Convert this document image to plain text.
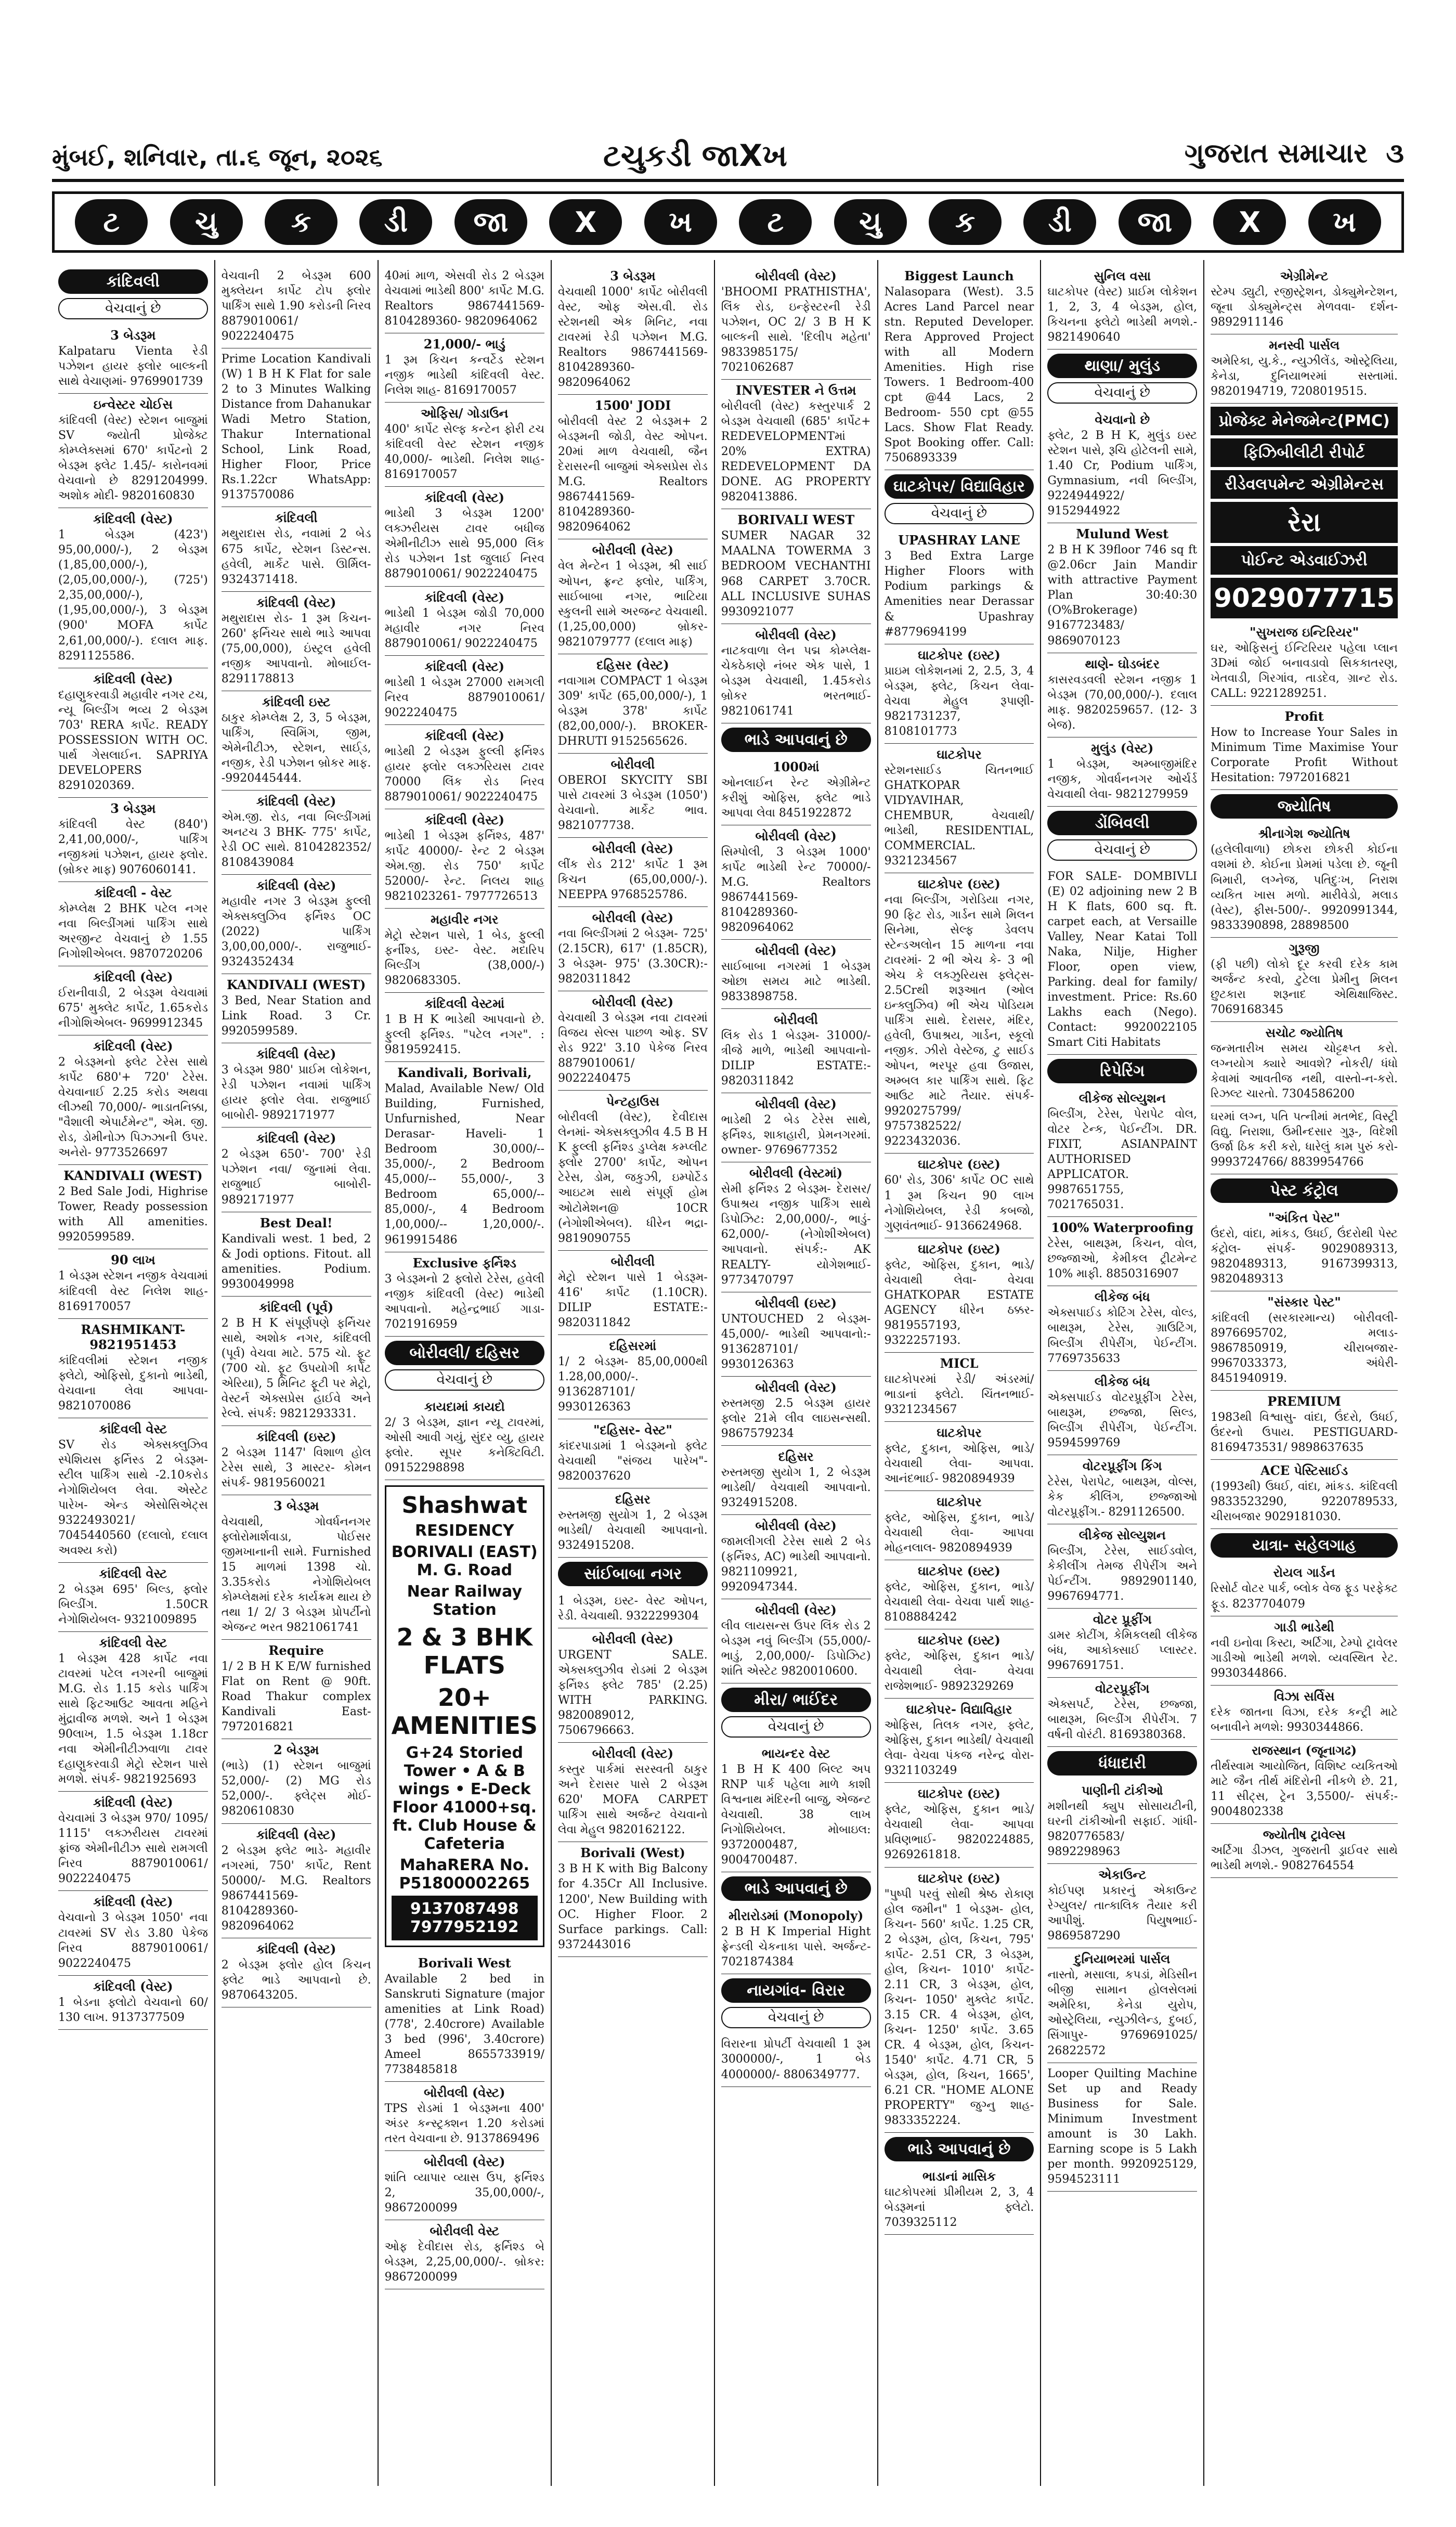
મુંબઈ, શનિવાર, તા.૬ જૂન, ૨૦૨૬	ટચુકડી જાXખ	ગુજરાત સમાચાર ૩
ટ	ચુ	ક	ડી	જા	X	ખ	ટ	ચુ	ક	ડી	જા	X	ખ
કાંદિવલી
વેચવાનું છે
3 બેડરૂમ
Kalpataru Vienta રેડી પઝેશન હાયર ફ્લોર બાલ્કની સાથે વેચાણમાં- 9769901739
ઇન્વેસ્ટર ચોઈસ
કાંદિવલી (વેસ્ટ) સ્ટેશન બાજુમાં SV જ્યોતી પ્રોજેક્ટ કોમ્પ્લેક્સમાં 670' કાર્પેટનો 2 બેડરૂમ ફ્લેટ 1.45/- કારોનવમાં વેચવાનો છે 8291204999. અશોક મોદી- 9820160830
કાંદિવલી (વેસ્ટ)
1 બેડરૂમ (423') 95,00,000/-), 2 બેડરૂમ (1,85,00,000/-), (2,05,00,000/-), (725') 2,35,00,000/-), (1,95,00,000/-), 3 બેડરૂમ (900' MOFA કાર્પેટ 2,61,00,000/-). દલાલ માફ. 8291125586.
કાંદિવલી (વેસ્ટ)
દહાણુકરવાડી મહાવીર નગર ટચ, ન્યૂ બિલ્ડીંગ ભવ્ય 2 બેડરૂમ 703' RERA કાર્પેટ. READY POSSESSION WITH OC. પાર્થ ગેસલાઈન. SAPRIYA DEVELOPERS 8291020369.
3 બેડરૂમ
કાંદિવલી વેસ્ટ (840') 2,41,00,000/-, પાર્કિંગ નજીકમાં પઝેશન, હાયર ફ્લોર. (બ્રોકર માફ) 9076060141.
કાંદિવલી - વેસ્ટ
કોમ્પ્લેક્ષ 2 BHK પટેલ નગર નવા બિલ્ડીંગમાં પાર્કિંગ સાથે અરજીન્ટ વેચવાનું છે 1.55 નિગોશીએબલ. 9870720206
કાંદિવલી (વેસ્ટ)
ઈરાનીવાડી, 2 બેડરૂમ વેચવામાં 675' મુક્લેટ કાર્પેટ, 1.65કરોડ નીગોશિએબલ- 9699912345
કાંદિવલી (વેસ્ટ)
2 બેડરૂમનો ફ્લેટ ટેરેસ સાથે કાર્પેટ 680'+ 720' ટેરેસ. વેચવાનાઈ 2.25 કરોડ અથવા લીઝથી 70,000/- ભાડાતનિક્કા, "વૈશાલી એપાર્ટમેન્ટ", એમ. જી. રોડ, ડોમીનોઝ પિઝ્ઝાની ઉપર. અનેરો- 9773526697
KANDIVALI (WEST)
2 Bed Sale Jodi, Highrise Tower, Ready possession with All amenities. 9920599589.
90 લાખ
1 બેડરૂમ સ્ટેશન નજીક વેચવામાં કાંદિવલી વેસ્ટ નિલેશ શાહ- 8169170057
RASHMIKANT- 9821951453
કાંદિવલીમાં સ્ટેશન નજીક ફ્લેટો, ઓફિસો, દુકાનો ભાડેથી, વેચવાના લેવા આપવા- 9821070086
કાંદિવલી વેસ્ટ
SV રોડ એક્સક્લુઝિવ સ્પેશિયસ ફર્નિસ્ડ 2 બેડરૂમ- સ્ટીલ પાર્કિંગ સાથે -2.10કરોડ નેગોશિયેબલ લેવા. એસ્ટેટ પારેખ- એન્ડ એસોસિએટ્સ 9322493021/ 7045440560 (દલાલો, દલાલ અવશ્ય કરો)
કાંદિવલી વેસ્ટ
2 બેડરૂમ 695' બિલ્ડ, ફ્લોર બિલ્ડીંગ. 1.50CR નેગોશિયેબલ- 9321009895
કાંદિવલી વેસ્ટ
1 બેડરૂમ 428 કાર્પેટ નવા ટાવરમાં પટેલ નગરની બાજુમાં M.G. રોડ 1.15 કરોડ પાર્કિંગ સાથે ફિટઆઉટ આવતા મહિને મુંદ્રાવીજ મળશે. અને 1 બેડરૂમ 90લાખ, 1.5 બેડરૂમ 1.18cr નવા એમીનીટીઝવાળા ટાવર દહાણુકરવાડી મેટ્રો સ્ટેશન પાસે મળશે. સંપર્ક- 9821925693
કાંદિવલી (વેસ્ટ)
વેચવામાં 3 બેડરૂમ 970/ 1095/ 1115' લક્ઝરીયસ ટાવરમાં ફ્રાંજ એમીનીટીઝ સાથે રામગલી નિરવ 8879010061/ 9022240475
કાંદિવલી (વેસ્ટ)
વેચવાનો 3 બેડરૂમ 1050' નવા ટાવરમાં SV રોડ 3.80 પેકેજ નિરવ 8879010061/ 9022240475
કાંદિવલી (વેસ્ટ)
1 બેડના ફ્લોટો વેચવાનો 60/ 130 લાખ. 9137377509
વેચવાની 2 બેડરૂમ 600 મુક્લેયન કાર્પેટ ટોપ ફ્લોર પાર્કિંગ સાથે 1.90 કરોડની નિરવ 8879010061/ 9022240475
Prime Location Kandivali (W) 1 B H K Flat for sale 2 to 3 Minutes Walking Distance from Dahanukar Wadi Metro Station, Thakur International School, Link Road, Higher Floor, Price Rs.1.22cr WhatsApp: 9137570086
કાંદિવલી
મથુરાદાસ રોડ, નવામાં 2 બેડ 675 કાર્પેટ, સ્ટેશન ડિસ્ટન્સ. હવેલી, માર્કેટ પાસે. ઊર્મિલ- 9324371418.
કાંદિવલી (વેસ્ટ)
મથુરાદાસ રોડ- 1 રૂમ કિચન- 260' ફર્નિચર સાથે ભાડે આપવા (75,00,000), ઇંસ્ટ્રલ હવેલી નજીક આપવાનો. મોબાઈલ- 8291178813
કાંદિવલી ઇસ્ટ
ઠાકુર કોમ્પ્લેક્ષ 2, 3, 5 બેડરૂમ, પાર્કિંગ, સ્વિમિંગ, જીમ, એમેનીટીઝ, સ્ટેશન, સાઈ્ડ, નજીક, રેડી પઝેશન બ્રોકર માફ. -9920445444.
કાંદિવલી (વેસ્ટ)
એમ.જી. રોડ, નવા બિલ્ડીંગમાં અનટચ 3 BHK- 775' કાર્પેટ, રેડી OC સાથે. 8104282352/ 8108439084
કાંદિવલી (વેસ્ટ)
મહાવીર નગર 3 બેડરૂમ ફુલ્લી એક્સક્લુઝિવ ફર્નિશ્ડ OC (2022) પાર્કિંગ 3,00,00,000/-. રાજુભાઈ- 9324352434
KANDIVALI (WEST)
3 Bed, Near Station and Link Road. 3 Cr. 9920599589.
કાંદિવલી (વેસ્ટ)
3 બેડરૂમ 980' પ્રાઈમ લોકેશન, રેડી પઝેશન નવામાં પાર્કિંગ હાયર ફ્લોર લેવા. રાજુભાઈ બાબોરી- 9892171977
કાંદિવલી (વેસ્ટ)
2 બેડરૂમ 650'- 700' રેડી પઝેશન નવા/ જુનામાં લેવા. રાજુભાઈ બાબોરી- 9892171977
Best Deal!
Kandivali west. 1 bed, 2 & Jodi options. Fitout. all amenities. Podium. 9930049998
કાંદિવલી (પૂર્વ)
2 B H K સંપૂર્ણપણે ફર્નિચર સાથે, અશોક નગર, કાંદિવલી (પૂર્વ) વેચવા માટે. 575 ચો. ફૂટ (700 ચો. ફૂટ ઉપયોગી કાર્પેટ એરિયા), 5 મિનિટ ફૂટી પર મેટ્રો, વેસ્ટર્ન એક્સપ્રેસ હાઈવે અને રેલ્વે. સંપર્ક: 9821293331.
કાંદિવલી (ઇસ્ટ)
2 બેડરૂમ 1147' વિશાળ હોલ ટેરેસ સાથે, 3 માસ્ટર- કોમન સંપર્ક- 9819560021
3 બેડરૂમ
વેચવાથી, ગોવર્ધનનગર ફ્લોરોમાર્શવાડા, પોઈસર જીમખાનાની સામે. Furnished 15 માળમાં 1398 ચો. 3.35કરોડ નેગોશિયેબલ કોમ્પ્લેક્ષમાં દરેક કાર્યક્રમ થાય છે તથા 1/ 2/ 3 બેડરૂમ પ્રોપર્ટીનો એજન્ટ ભરત 9821061741
Require
1/ 2 B H K E/W furnished Flat on Rent @ 90ft. Road Thakur complex Kandivali East- 7972016821
2 બેડરૂમ
(ભાડે) (1) સ્ટેશન બાજુમાં 52,000/- (2) MG રોડ 52,000/-. ફ્લેટ્સ મોઈ- 9820610830
કાંદિવલી (વેસ્ટ)
2 બેડરૂમ ફ્લેટ ભાડે- મહાવીર નગરમાં, 750' કાર્પેટ, Rent 50000/- M.G. Realtors 9867441569- 8104289360- 9820964062
કાંદિવલી (વેસ્ટ)
2 બેડરૂમ ફ્લોર હોલ કિચન ફ્લેટ ભાડે આપવાનો છે. 9870643205.
40માં માળ, એસવી રોડ 2 બેડરૂમ વેચવામાં ભાડેથી 800' કાર્પેટ M.G. Realtors 9867441569- 8104289360- 9820964062
21,000/- ભાડું
1 રૂમ કિચન કન્વર્ટેડ સ્ટેશન નજીક ભાડેથી કાંદિવલી વેસ્ટ. નિલેશ શાહ- 8169170057
ઓફિસ/ ગોડાઉન
400' કાર્પેટ સેલ્ફ કન્ટેન ફોરી ટચ કાંદિવલી વેસ્ટ સ્ટેશન નજીક 40,000/- ભાડેથી. નિલેશ શાહ- 8169170057
કાંદિવલી (વેસ્ટ)
ભાડેથી 3 બેડરૂમ 1200' લક્ઝરીયસ ટાવર બધીજ એમીનીટીઝ સાથે 95,000 લિંક રોડ પઝેશન 1st જુલાઈ નિરવ 8879010061/ 9022240475
કાંદિવલી (વેસ્ટ)
ભાડેથી 1 બેડરૂમ જોડી 70,000 મહાવીર નગર નિરવ 8879010061/ 9022240475
કાંદિવલી (વેસ્ટ)
ભાડેથી 1 બેડરૂમ 27000 રામગલી નિરવ 8879010061/ 9022240475
કાંદિવલી (વેસ્ટ)
ભાડેથી 2 બેડરૂમ ફુલ્લી ફર્નિશ્ડ હાયર ફ્લોર લક્ઝરિયસ ટાવર 70000 લિંક રોડ નિરવ 8879010061/ 9022240475
કાંદિવલી (વેસ્ટ)
ભાડેથી 1 બેડરૂમ ફર્નિશ્ડ, 487' કાર્પેટ 40000/- રેન્ટ 2 બેડરૂમ એમ.જી. રોડ 750' કાર્પેટ 52000/- રેન્ટ. નિલય શાહ 9821023261- 7977726513
મહાવીર નગર
મેટ્રો સ્ટેશન પાસે, 1 બેડ, ફુલ્લી ફર્નીશ્ડ, ઇસ્ટ- વેસ્ટ. મદારિપ બિલ્ડીંગ (38,000/-) 9820683305.
કાંદિવલી વેસ્ટમાં
1 B H K ભાડેથી આપવાનો છે. ફુલ્લી ફર્નિશ્ડ. "પટેલ નગર". : 9819592415.
Kandivali, Borivali,
Malad, Available New/ Old Building, Furnished, Unfurnished, Near Derasar- Haveli- 1 Bedroom 30,000/-- 35,000/-, 2 Bedroom 45,000/-- 55,000/-, 3 Bedroom 65,000/-- 85,000/-, 4 Bedroom 1,00,000/-- 1,20,000/-. 9619915486
Exclusive ફર્નિશ્ડ
3 બેડરૂમનો 2 ફ્લોરો ટેરેસ, હવેલી નજીક કાંદિવલી (વેસ્ટ) ભાડેથી આપવાનો. મહેન્દ્રભાઈ ગાડા- 7021916959
બોરીવલી/ દહિસર
વેચવાનું છે
કાયદામાં કાયદો
2/ 3 બેડરૂમ, જ્ઞાન ન્યૂ ટાવરમાં, ઓસી આવી ગયું, સુંદર વ્યુ, હાયર ફ્લોર. સૂપર કનેક્ટિવિટી. 09152298898
Shashwat
RESIDENCY
BORIVALI (EAST) M. G. Road
Near Railway Station
2 & 3 BHK FLATS
20+ AMENITIES
G+24 Storied Tower • A & B wings • E-Deck Floor 41000+sq. ft. Club House & Cafeteria
MahaRERA No. P51800002265
9137087498 7977952192
Borivali West
Available 2 bed in Sanskruti Signature (major amenities at Link Road) (778', 2.40crore) Available 3 bed (996', 3.40crore) Ameel 8655733919/ 7738485818
બોરીવલી (વેસ્ટ)
TPS રોડમાં 1 બેડરૂમના 400' અંડર કન્સ્ટ્રક્શન 1.20 કરોડમાં તરત વેચવાના છે. 9137869496
બોરીવલી (વેસ્ટ)
શાંતિ વ્યાપાર વ્યાસ ઉપ, ફર્નિશ્ડ 2, 35,00,000/-, 9867200099
બોરીવલી વેસ્ટ
ઓફ દેવીદાસ રોડ, ફર્નિશ્ડ બે બેડરૂમ, 2,25,00,000/-. બ્રોકર: 9867200099
3 બેડરૂમ
વેચવાથી 1000' કાર્પેટ બોરીવલી વેસ્ટ, ઓફ એસ.વી. રોડ સ્ટેશનથી એક મિનિટ, નવા ટાવરમાં રેડી પઝેશન M.G. Realtors 9867441569- 8104289360- 9820964062
1500' JODI
બોરીવલી વેસ્ટ 2 બેડરૂમ+ 2 બેડરૂમની જોડી, વેસ્ટ ઓપન. 20માં માળ વેચવાથી, જૈન દેરાસરની બાજુમાં એક્સપ્રેસ રોડ M.G. Realtors 9867441569- 8104289360- 9820964062
બોરીવલી (વેસ્ટ)
વેલ મેન્ટેન 1 બેડરૂમ, શ્રી સાઈ ઓપન, ફ્રન્ટ ફ્લોર, પાર્કિંગ, સાઈબાબા નગર, ભાટિયા સ્કુલની સામે અરજન્ટ વેચવાથી. (1,25,00,000) બ્રોકર- 9821079777 (દલાલ માફ)
દહિસર (વેસ્ટ)
નવાગામ COMPACT 1 બેડરૂમ 309' કાર્પેટ (65,00,000/-), 1 બેડરૂમ 378' કાર્પેટ (82,00,000/-). BROKER- DHRUTI 9152565626.
બોરીવલી
OBEROI SKYCITY SBI પાસે ટાવરમાં 3 બેડરૂમ (1050') વેચવાનો. માર્કેટ ભાવ. 9821077738.
બોરીવલી (વેસ્ટ)
લીંક રોડ 212' કાર્પેટ 1 રૂમ કિચન (65,00,000/-). NEEPPA 9768525786.
બોરીવલી (વેસ્ટ)
નવા બિલ્ડીંગમાં 2 બેડરૂમ- 725' (2.15CR), 617' (1.85CR), 3 બેડરૂમ- 975' (3.30CR):- 9820311842
બોરીવલી (વેસ્ટ)
વેચવાથી 3 બેડરૂમ નવા ટાવરમાં વિજય સેલ્સ પાછળ ઓફ. SV રોડ 922' 3.10 પેકેજ નિરવ 8879010061/ 9022240475
પેન્ટહાઉસ
બોરીવલી (વેસ્ટ), દેવીદાસ લેનમાં- એક્સક્લુઝીવ 4.5 B H K ફુલ્લી ફર્નિશ્ડ ડુપ્લેક્ષ કમ્પ્લીટ ફ્લોર 2700' કાર્પેટ, ઓપન ટેરેસ, ડોમ, જકુઝી, ઇમ્પોર્ટેડ આઇટમ સાથે સંપૂર્ણ હોમ ઓટોમેશન@ 10CR (નેગોશીએબલ). ધીરેન ભદ્રા- 9819090755
બોરીવલી
મેટ્રો સ્ટેશન પાસે 1 બેડરૂમ- 416' કાર્પેટ (1.10CR). DILIP ESTATE:- 9820311842
દહિસરમાં
1/ 2 બેડરૂમ- 85,00,000થી 1.28,00,000/-. 9136287101/ 9930126363
"દહિસર- વેસ્ટ"
કાંદરપાડામાં 1 બેડરૂમનો ફ્લેટ વેચવાથી "સંજય પારેખ"- 9820037620
દહિસર
રુસ્તમજી સુયોગ 1, 2 બેડરૂમ ભાડેથી/ વેચવાથી આપવાનો. 9324915208.
સાંઈબાબા નગર
1 બેડરૂમ, ઇસ્ટ- વેસ્ટ ઓપન, રેડી. વેચવાથી. 9322299304
બોરીવલી (વેસ્ટ)
URGENT SALE. એક્સક્લુઝીવ રોડમાં 2 બેડરૂમ ફર્નિશ્ડ ફ્લેટ 785' (2.25) WITH PARKING. 9820089012, 7506796663.
બોરીવલી (વેસ્ટ)
કસ્તુર પાર્કમાં સરસ્વતી ઠાકુર અને દેરાસર પાસે 2 બેડરૂમ 620' MOFA CARPET પાર્કિંગ સાથે અર્જન્ટ વેચવાનો લેવા મેહુલ 9820162122.
Borivali (West)
3 B H K with Big Balcony for 4.35Cr All Inclusive. 1200', New Building with OC. Higher Floor. 2 Surface parkings. Call: 9372443016
બોરીવલી (વેસ્ટ)
'BHOOMI PRATHISTHA', લિંક રોડ, ઇન્ફેસ્ટરની રેડી પઝેશન, OC 2/ 3 B H K બાલ્કની સાથે. 'દિલીપ મહેતા' 9833985175/ 7021062687
INVESTER ને ઉત્તમ
બોરીવલી (વેસ્ટ) કસ્તુરપાર્ક 2 બેડરૂમ વેચવાથી (685' કાર્પેટ+ REDEVELOPMENTમાં 20% EXTRA) REDEVELOPMENT DA DONE. AG PROPERTY 9820413886.
BORIVALI WEST
SUMER NAGAR 32 MAALNA TOWERMA 3 BEDROOM VECHANTHI 968 CARPET 3.70CR. ALL INCLUSIVE SUHAS 9930921077
બોરીવલી (વેસ્ટ)
નાટકવાળા લેન પદ્મ કોમ્પ્લેક્ષ- ચેકઠેકાણે નંબર એક પાસે, 1 બેડરૂમ વેચવાથી, 1.45કરોડ બ્રોકર ભરતભાઈ- 9821061741
ભાડે આપવાનું છે
1000માં
ઓનલાઈન રેન્ટ એગ્રીમેન્ટ કરીશું ઓફિસ, ફ્લેટ ભાડે આપવા લેવા 8451922872
બોરીવલી (વેસ્ટ)
સિમ્પોલી, 3 બેડરૂમ 1000' કાર્પેટ ભાડેથી રેન્ટ 70000/- M.G. Realtors 9867441569- 8104289360- 9820964062
બોરીવલી (વેસ્ટ)
સાઈબાબા નગરમાં 1 બેડરૂમ ઓછા સમય માટે ભાડેથી. 9833898758.
બોરીવલી
લિંક રોડ 1 બેડરૂમ- 31000/- ત્રીજે માળે, ભાડેથી આપવાનો- DILIP ESTATE:- 9820311842
બોરીવલી (વેસ્ટ)
ભાડેથી 2 બેડ ટેરેસ સાથે, ફર્નિશ્ડ, શાકાહારી, પ્રેમનગરમાં. owner- 9769677352
બોરીવલી (વેસ્ટમાં)
સેમી ફર્નિશ્ડ 2 બેડરૂમ- દેરાસર/ ઉપાશ્રય નજીક પાર્કિંગ સાથે ડિપોઝિટ: 2,00,000/-, ભાડું- 62,000/- (નેગોશીએબલ) આપવાનો. સંપર્ક:- AK REALTY- યોગેશભાઈ- 9773470797
બોરીવલી (ઇસ્ટ)
UNTOUCHED 2 બેડરૂમ- 45,000/- ભાડેથી આપવાનો:- 9136287101/ 9930126363
બોરીવલી (વેસ્ટ)
રુસ્તમજી 2.5 બેડરૂમ હાયર ફ્લોર 21મે લીવ લાઇસન્સથી. 9867579234
દહિસર
રુસ્તમજી સુયોગ 1, 2 બેડરૂમ ભાડેથી/ વેચવાથી આપવાનો. 9324915208.
બોરીવલી (વેસ્ટ)
જામલીગલી ટેરેસ સાથે 2 બેડ (ફર્નિશ્ડ, AC) ભાડેથી આપવાનો. 9821109921, 9920947344.
બોરીવલી (વેસ્ટ)
લીવ લાયસન્સ ઉપર લિંક રોડ 2 બેડરૂમ નવું બિલ્ડીંગ (55,000/- ભાડું, 2,00,000/- ડિપોઝિટ) શાંતિ એસ્ટેટ 9820010600.
મીરા/ ભાઈંદર
વેચવાનું છે
ભાયન્દર વેસ્ટ
1 B H K 400 બિલ્ટ અપ RNP પાર્ક પહેલા માળે કાશી વિશ્વનાથ મંદિરની બાજુ, એજન્ટ વેચવાથી. 38 લાખ નિગોશિયેબલ. મોબાઇલ: 9372000487, 9004700487.
ભાડે આપવાનું છે
મીરારોડમાં (Monopoly)
2 B H K Imperial Hight ફ્રેન્ડલી ચેકનાકા પાસે. અર્જન્ટ- 7021874384
નાયગાંવ- વિરાર
વેચવાનું છે
વિરારના પ્રોપર્ટી વેચવાથી 1 રૂમ 3000000/-, 1 બેડ 4000000/- 8806349777.
Biggest Launch
Nalasopara (West). 3.5 Acres Land Parcel near stn. Reputed Developer. Rera Approved Project with all Modern Amenities. High rise Towers. 1 Bedroom-400 cpt @44 Lacs, 2 Bedroom- 550 cpt @55 Lacs. Show Flat Ready. Spot Booking offer. Call: 7506893339
ઘાટકોપર/ વિદ્યાવિહાર
વેચવાનું છે
UPASHRAY LANE
3 Bed Extra Large Higher Floors with Podium parkings & Amenities near Derassar & Upashray #8779694199
ઘાટકોપર (ઇસ્ટ)
પ્રાઇમ લોકેશનમાં 2, 2.5, 3, 4 બેડરૂમ, ફ્લેટ, કિચન લેવા- વેચવા મેહુલ રૂપાણી- 9821731237, 8108101773
ઘાટકોપર
સ્ટેશનસાઈડ ચિતનભાઈ GHATKOPAR VIDYAVIHAR, CHEMBUR, વેચવાથી/ ભાડેથી, RESIDENTIAL, COMMERCIAL. 9321234567
ઘાટકોપર (ઇસ્ટ)
નવા બિલ્ડીંગ, ગરોડિયા નગર, 90 ફિટ રોડ, ગાર્ડન સામે મિલન સિનેમા, સેલ્ફ ડેવલપ સ્ટેન્ડઅલોન 15 માળના નવા ટાવરમાં- 2 ભી એચ કે- 3 ભી એચ કે લક્ઝુરિયસ ફ્લેટ્સ- 2.5Crથી શરૂઆત (ઓલ ઇન્ક્લુઝિવ) ભી એચ પોડિયમ પાર્કિંગ સાથે. દેરાસર, મંદિર, હવેલી, ઉપાશ્રય, ગાર્ડન, સ્કૂલો નજીક. ઝીરો વેસ્ટેજ, ટુ સાઈડ ઓપન, ભરપૂર હવા ઉજાસ, અમ્બલ કાર પાર્કિંગ સાથે. ફિટ આઉટ માટે તૈયાર. સંપર્ક- 9920275799/ 9757382522/ 9223432036.
ઘાટકોપર (ઇસ્ટ)
60' રોડ, 306' કાર્પેટ OC સાથે 1 રૂમ કિચન 90 લાખ નેગોશિયેબલ, રેડી કબજો, ગુણવંતભાઈ- 9136624968.
ઘાટકોપર (ઇસ્ટ)
ફ્લેટ, ઓફિસ, દુકાન, ભાડે/ વેચવાથી લેવા- વેચવા GHATKOPAR ESTATE AGENCY ધીરેન ઠક્કર- 9819557193, 9322257193.
MICL
ઘાટકોપરમાં રેડી/ અંડરમાં/ ભાડાનાં ફ્લેટો. ચિંતનભાઈ- 9321234567
ઘાટકોપર
ફ્લેટ, દુકાન, ઓફિસ, ભાડે/ વેચવાથી લેવા- આપવા. આનંદભાઈ- 9820894939
ઘાટકોપર
ફ્લેટ, ઓફિસ, દુકાન, ભાડે/ વેચવાથી લેવા- આપવા મોહનલાલ- 9820894939
ઘાટકોપર (ઇસ્ટ)
ફ્લેટ, ઓફિસ, દુકાન, ભાડે/ વેચવાથી લેવા- વેચવા પાર્થ શાહ- 8108884242
ઘાટકોપર (ઇસ્ટ)
ફ્લેટ, ઓફિસ, દુકાન ભાડે/ વેચવાથી લેવા- વેચવા રાજેશભાઈ- 9892329269
ઘાટકોપર- વિદ્યાવિહાર
ઓફિસ, તિલક નગર, ફ્લેટ, ઓફિસ, દુકાન ભાડેથી/ વેચવાથી લેવા- વેચવા પંકજ નરેન્દ્ર વોરા- 9321103249
ઘાટકોપર (ઇસ્ટ)
ફ્લેટ, ઓફિસ, દુકાન ભાડે/ વેચવાથી લેવા- આપવા પ્રવિણભાઈ- 9820224885, 9269261818.
ઘાટકોપર (ઇસ્ટ)
"પુષ્પી પરવું સોથી શ્રેષ્ઠ રોકાણ હોલ જમીન" 1 બેડરૂમ- હોલ, કિચન- 560' કાર્પેટ. 1.25 CR, 2 બેડરૂમ, હોલ, કિચન, 795' કાર્પેટ- 2.51 CR, 3 બેડરૂમ, હોલ, કિચન- 1010' કાર્પેટ- 2.11 CR, 3 બેડરૂમ, હોલ, કિચન- 1050' મુક્લેટ કાર્પેટ. 3.15 CR. 4 બેડરૂમ, હોલ, કિચન- 1250' કાર્પેટ. 3.65 CR. 4 બેડરૂમ, હોલ, કિચન- 1540' કાર્પેટ. 4.71 CR, 5 બેડરૂમ, હોલ, કિચન, 1665', 6.21 CR. "HOME ALONE PROPERTY" જુગ્નુ શાહ- 9833352224.
ભાડે આપવાનું છે
ભાડાનાં માસિક
ઘાટકોપરમાં પ્રીમીયમ 2, 3, 4 બેડરૂમનાં ફ્લેટો. 7039325112
સુનિલ વસા
ઘાટકોપર (વેસ્ટ) પ્રાઈમ લોકેશન 1, 2, 3, 4 બેડરૂમ, હોલ, કિચનના ફ્લેટો ભાડેથી મળશે.- 9821490640
થાણા/ મુલુંડ
વેચવાનું છે
વેચવાનો છે
ફ્લેટ, 2 B H K, મુલુંડ ઇસ્ટ સ્ટેશન પાસે, રૂચિ હોટેલની સામે, 1.40 Cr, Podium પાર્કિંગ, Gymnasium, નવી બિલ્ડીંગ, 9224944922/ 9152944922
Mulund West
2 B H K 39floor 746 sq ft @2.06cr Jain Mandir with attractive Payment Plan 30:40:30 (O%Brokerage) 9167723483/ 9869070123
થાણે- ઘોડબંદર
કાસરવડવલી સ્ટેશન નજીક 1 બેડરૂમ (70,00,000/-). દલાલ માફ. 9820259657. (12- 3 બેજ).
મુલુંડ (વેસ્ટ)
1 બેડરૂમ, અમ્બાજીમંદિર નજીક, ગોવર્ધનનગર ઓર્ચર્ડ વેચવાથી લેવા- 9821279959
ડોંબિવલી
વેચવાનું છે
FOR SALE- DOMBIVLI (E) 02 adjoining new 2 B H K flats, 600 sq. ft. carpet each, at Versaille Valley, Near Katai Toll Naka, Nilje, Higher Floor, open view, Parking. deal for family/ investment. Price: Rs.60 Lakhs each (Nego). Contact: 9920022105 Smart Citi Habitats
રિપેરિંગ
લીકેજ સોલ્યુશન
બિલ્ડીંગ, ટેરેસ, પેરાપેટ વોલ, વોટર ટેન્ક, પેઈન્ટીંગ. DR. FIXIT, ASIANPAINT AUTHORISED APPLICATOR. 9987651755, 7021765031.
100% Waterproofing
ટેરેસ, બાથરૂમ, કિચન, વોલ, છજ્જાઓ, કેમીકલ ટ્રીટમેન્ટ 10% માફી. 8850316907
લીકેજ બંધ
એક્સપાઈડ કોટિંગ ટેરેસ, વોલ્ડ, બાથરૂમ, ટેરેસ, ગ્રાઉટિંગ, બિલ્ડીંગ રીપેરીંગ, પેઈન્ટીંગ. 7769735633
લીકેજ બંધ
એક્સપાઈડ વોટરપ્રૂફીંગ ટેરેસ, બાથરૂમ, છજ્જા, સિલ્ડ, બિલ્ડીંગ રીપેરીંગ, પેઈન્ટીંગ. 9594599769
વોટરપ્રૂફીંગ કિંગ
ટેરેસ, પેરાપેટ, બાથરૂમ, વોલ્સ, કેક કીલિંગ, છજ્જાઓ વોટરપ્રૂફીંગ.- 8291126500.
લીકેજ સોલ્યુશન
બિલ્ડીંગ, ટેરેસ, સાઈડવોલ, કેકીલીંગ તેમજ રીપેરીંગ અને પેઈન્ટીંગ. 9892901140, 9967694771.
વોટર પ્રૂફીંગ
ડામર કોટીંગ, કેમિકલથી લીકેજ બંધ, આકોક્સાઈ પ્લાસ્ટર. 9967691751.
વોટરપ્રૂફીંગ
એક્સપર્ટ, ટેરેસ, છજ્જા, બાથરૂમ, બિલ્ડીંગ રીપેરીંગ. 7 વર્ષની વોરંટી. 8169380368.
ધંધાદારી
પાણીની ટાંકીઓ
મશીનથી ક્યુપ સોસાયટીની, ઘરની ટાંકીઓની સફાઈ. ગાંધી- 9820776583/ 9892298963
એકાઉન્ટ
કોઈપણ પ્રકારનું એકાઉન્ટ રેગ્યુલર/ તાત્કાલિક તૈયાર કરી આપીશું. પિયુષભાઈ- 9869587290
દુનિયાભરમાં પાર્સલ
નાસ્તો, મસાલા, કપડાં, મેડિસીન બીજી સામાન હોલસેલમાં અમેરિકા, કેનેડા યુરોપ, ઓસ્ટ્રેલિયા, ન્યુઝીલેન્ડ, દુબઈ, સિંગાપુર- 9769691025/ 26822572
Looper Quilting Machine Set up and Ready Business for Sale. Minimum Investment amount is 30 Lakh. Earning scope is 5 Lakh per month. 9920925129, 9594523111
એગ્રીમેન્ટ
સ્ટેમ્પ ડ્યુટી, રજીસ્ટ્રેશન, ડોક્યુમેન્ટેશન, જૂના ડોક્યુમેન્ટ્સ મેળવવા- દર્શન- 9892911146
મનસ્વી પાર્સલ
અમેરિકા, યુ.કે., ન્યુઝીલેંડ, ઓસ્ટ્રેલિયા, કેનેડા, દુનિયાભરમાં સસ્તામાં. 9820194719, 7208019515.
પ્રોજેક્ટ મેનેજમેન્ટ(PMC)
ફિઝિબીલીટી રીપોર્ટ
રીડેવલપમેન્ટ એગ્રીમેન્ટસ
રેરા
પોઈન્ટ એડવાઈઝરી
9029077715
"સુખરાજ ઇન્ટિરિયર"
ઘર, ઓફિસનું ઈન્ટિરિયર પહેલા પ્લાન 3Dમાં જોઈ બનાવડાવો સિકકાતરણ, ખેતવાડી, ગિરગાંવ, તાડદેવ, ગ્રાન્ટ રોડ. CALL: 9221289251.
Profit
How to Increase Your Sales in Minimum Time Maximise Your Corporate Profit Without Hesitation: 7972016821
જ્યોતિષ
શ્રીનાગેશ જ્યોતિષ
(હલેલીવાળા) છોકરા છોકરી કોઈના વશમાં છે. કોઈના પ્રેમમાં પડેલા છે. જૂની બિમારી, લગ્નેજ, પતિદુઃખ, નિરાશ વ્યકિત ખાસ મળો. મારીવેડો, મલાડ (વેસ્ટ), ફીસ-500/-. 9920991344, 9833390898, 28898500
ગુરૂજી
(ફી પછી) લોકો દૂર કરવી દરેક કામ અર્જન્ટ કરવો, ટુટેલા પ્રેમીનુ મિલન છુટકારા શરૂનાદ એથિક્ષાજિસ્ટ. 7069168345
સચોટ જ્યોતિષ
જન્મતારીખ સમય ચોટ્ટક્ષ્પ્ત કરો. લગ્નયોગ ક્યારે આવશે? નોકરી/ ધંધો કેવામાં આવતીજ નથી, વાસ્તો-ન-કરો. રિઝલ્ટ ચારતો. 7304586200
ઘરમાં લગ્ન, પતિ પત્નીમાં મતભેદ, વિસ્ટ્રી વિદ્યુ. નિરાશા, ઉમીન્દસાર ગુરૂ-, વિદેશી ઉર્જા ઠિક કરી કરો, ધારેલું કામ પુરું કરો- 9993724766/ 8839954766
પેસ્ટ કંટ્રોલ
"અંકિત પેસ્ટ"
ઉંદરો, વાંદા, માંકડ, ઉધઈ, ઉંદરોથી પેસ્ટ કંટ્રોલ- સંપર્ક- 9029089313, 9820489313, 9167399313, 9820489313
"સંસ્કાર પેસ્ટ"
કાંદિવલી (સરકારમાન્ય) બોરીવલી- 8976695702, મલાડ- 9867850919, ચીરાબજાર- 9967033373, અંધેરી- 8451940919.
PREMIUM
1983થી વિશ્વાસુ- વાંદા, ઉંદરો, ઉધઈ, ઉંદરનો ઉપાય. PESTIGUARD- 8169473531/ 9898637635
ACE પેસ્ટિસાઈડ
(1993થી) ઉધઈ, વાંદા, માંકડ. કાંદિવલી 9833523290, 9220789533, ચીરાબજાર 9029181030.
યાત્રા- સહેલગાહ
રોયલ ગાર્ડન
રિસોર્ટ વોટર પાર્ક, બ્લોક વેજ ફૂડ પરફેક્ટ ફૂડ. 8237704079
ગાડી ભાડેથી
નવી ઇનોવા કિસ્ટા, અર્ટિગા, ટેમ્પો ટ્રાવેલર ગાડીઓ ભાડેથી મળશે. વ્યવસ્થિત રેટ. 9930344866.
વિઝા સર્વિસ
દરેક જાતના વિઝા, દરેક કન્ટ્રી માટે બનાવીને મળશે: 9930344866.
રાજસ્થાન (જૂનાગઢ)
તીર્થસ્વામ આયોજિત, વિશિષ્ટ વ્યકિતઓ માટે જૈન તીર્થ મંદિરોની નીકળે છે. 21, 11 સીટ્સ, ટ્રેન 3,5500/- સંપર્ક:- 9004802338
જ્યોતીષ ટ્રાવેલ્સ
અર્ટિગા ડીઝલ, ગુજરાતી ડ્રાઈવર સાથે ભાડેથી મળશે.- 9082764554
